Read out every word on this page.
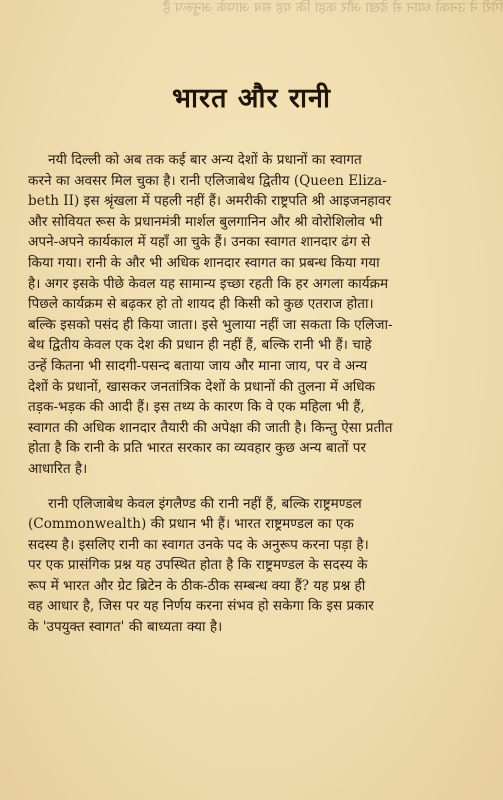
गिरी ने उनको ध्यान से देखा और कहा कि यह सब आपके अनुरूप है
भारत और रानी

नयी दिल्ली को अब तक कई बार अन्य देशों के प्रधानों का स्वागत
करने का अवसर मिल चुका है। रानी एलिजाबेथ द्वितीय (Queen Eliza-
beth II) इस श्रृंखला में पहली नहीं हैं। अमरीकी राष्ट्रपति श्री आइजनहावर
और सोवियत रूस के प्रधानमंत्री मार्शल बुलगानिन और श्री वोरोशिलोव भी
अपने-अपने कार्यकाल में यहाँ आ चुके हैं। उनका स्वागत शानदार ढंग से
किया गया। रानी के और भी अधिक शानदार स्वागत का प्रबन्ध किया गया
है। अगर इसके पीछे केवल यह सामान्य इच्छा रहती कि हर अगला कार्यक्रम
पिछले कार्यक्रम से बढ़कर हो तो शायद ही किसी को कुछ एतराज होता।
बल्कि इसको पसंद ही किया जाता। इसे भुलाया नहीं जा सकता कि एलिजा-
बेथ द्वितीय केवल एक देश की प्रधान ही नहीं हैं, बल्कि रानी भी हैं। चाहे
उन्हें कितना भी सादगी-पसन्द बताया जाय और माना जाय, पर वे अन्य
देशों के प्रधानों, खासकर जनतांत्रिक देशों के प्रधानों की तुलना में अधिक
तड़क-भड़क की आदी हैं। इस तथ्य के कारण कि वे एक महिला भी हैं,
स्वागत की अधिक शानदार तैयारी की अपेक्षा की जाती है। किन्तु ऐसा प्रतीत
होता है कि रानी के प्रति भारत सरकार का व्यवहार कुछ अन्य बातों पर
आधारित है।

रानी एलिजाबेथ केवल इंगलैण्ड की रानी नहीं हैं, बल्कि राष्ट्रमण्डल
(Commonwealth) की प्रधान भी हैं। भारत राष्ट्रमण्डल का एक
सदस्य है। इसलिए रानी का स्वागत उनके पद के अनुरूप करना पड़ा है।
पर एक प्रासंगिक प्रश्न यह उपस्थित होता है कि राष्ट्रमण्डल के सदस्य के
रूप में भारत और ग्रेट ब्रिटेन के ठीक-ठीक सम्बन्ध क्या हैं? यह प्रश्न ही
वह आधार है, जिस पर यह निर्णय करना संभव हो सकेगा कि इस प्रकार
के 'उपयुक्त स्वागत' की बाध्यता क्या है।
